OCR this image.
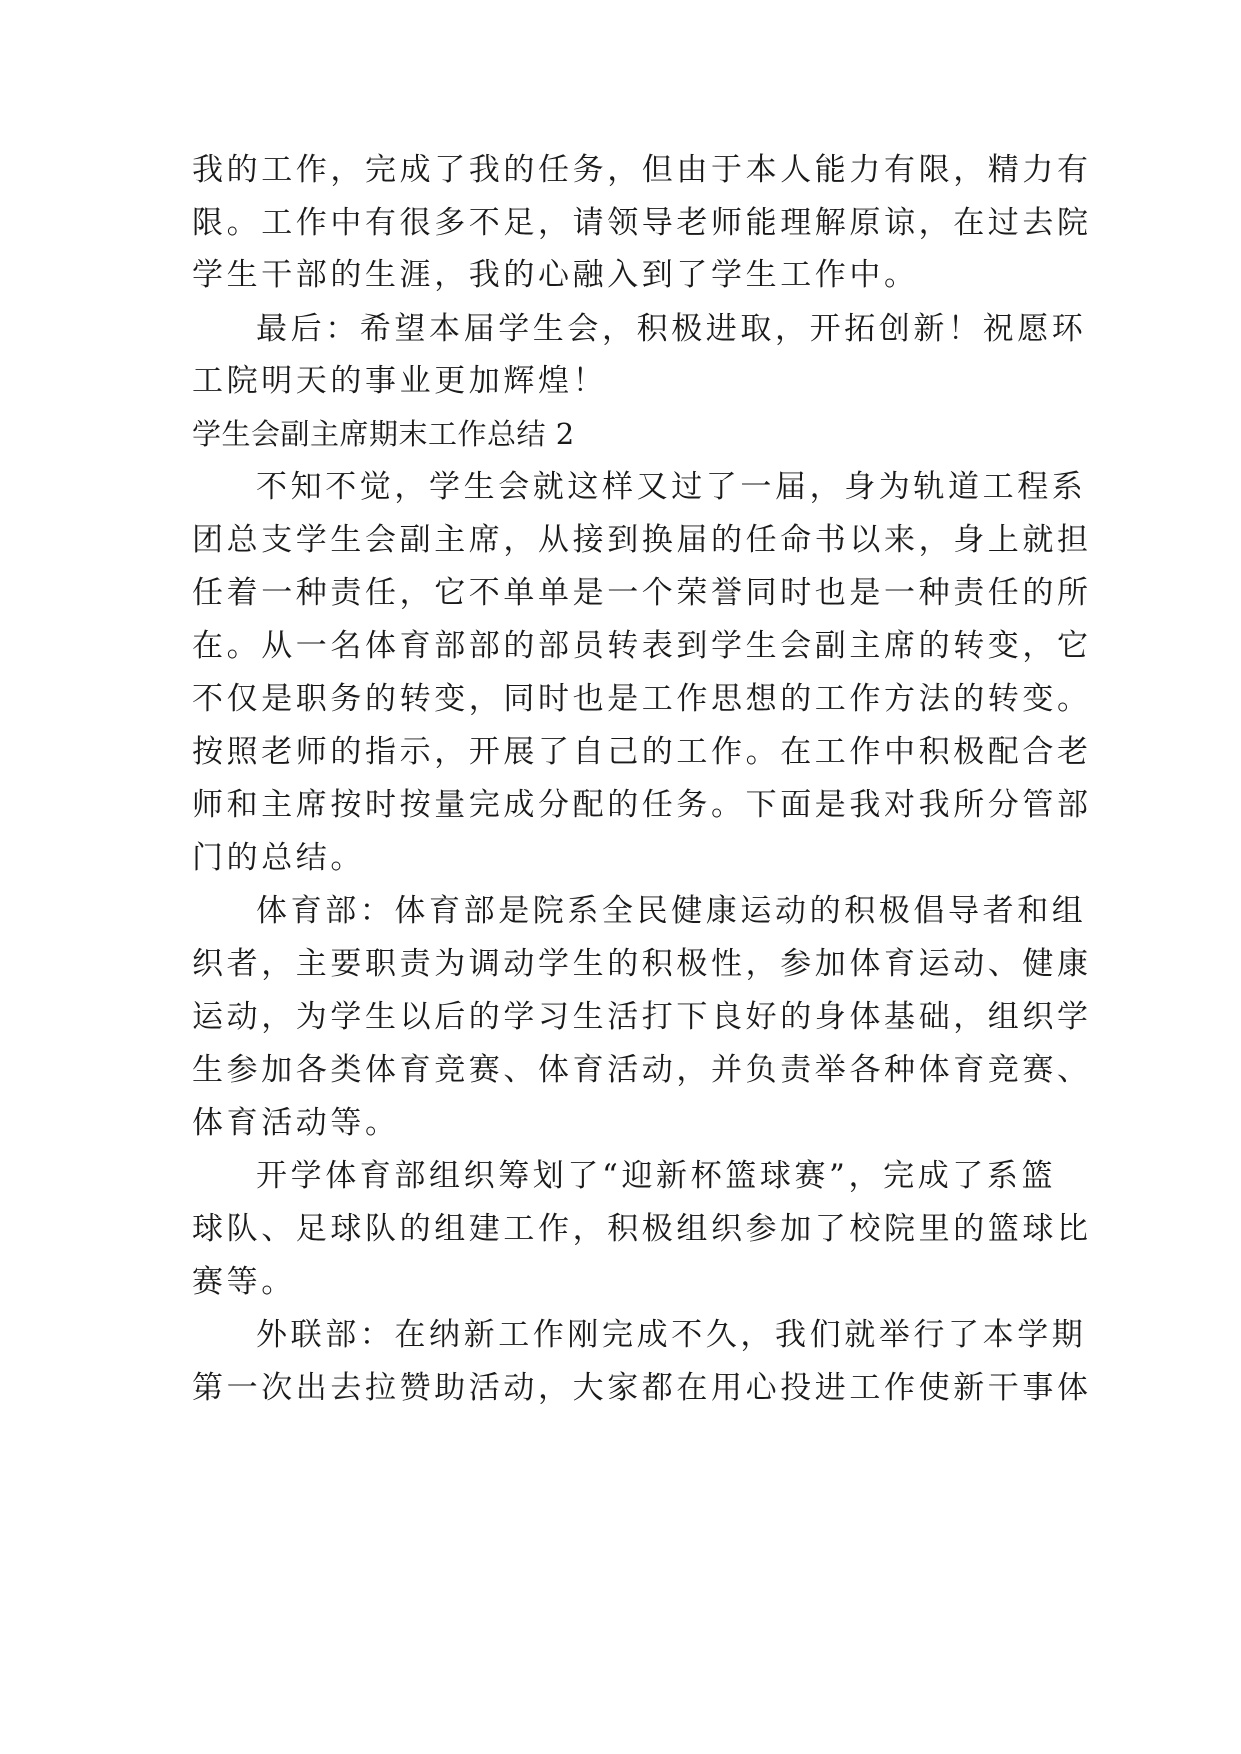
我的工作，完成了我的任务，但由于本人能力有限，精力有
限。工作中有很多不足，请领导老师能理解原谅，在过去院
学生干部的生涯，我的心融入到了学生工作中。
最后：希望本届学生会，积极进取，开拓创新！祝愿环
工院明天的事业更加辉煌！
学生会副主席期末工作总结 2
不知不觉，学生会就这样又过了一届，身为轨道工程系
团总支学生会副主席，从接到换届的任命书以来，身上就担
任着一种责任，它不单单是一个荣誉同时也是一种责任的所
在。从一名体育部部的部员转表到学生会副主席的转变，它
不仅是职务的转变，同时也是工作思想的工作方法的转变。
按照老师的指示，开展了自己的工作。在工作中积极配合老
师和主席按时按量完成分配的任务。下面是我对我所分管部
门的总结。
体育部：体育部是院系全民健康运动的积极倡导者和组
织者，主要职责为调动学生的积极性，参加体育运动、健康
运动，为学生以后的学习生活打下良好的身体基础，组织学
生参加各类体育竞赛、体育活动，并负责举各种体育竞赛、
体育活动等。
开学体育部组织筹划了“迎新杯篮球赛”，完成了系篮
球队、足球队的组建工作，积极组织参加了校院里的篮球比
赛等。
外联部：在纳新工作刚完成不久，我们就举行了本学期
第一次出去拉赞助活动，大家都在用心投进工作使新干事体
